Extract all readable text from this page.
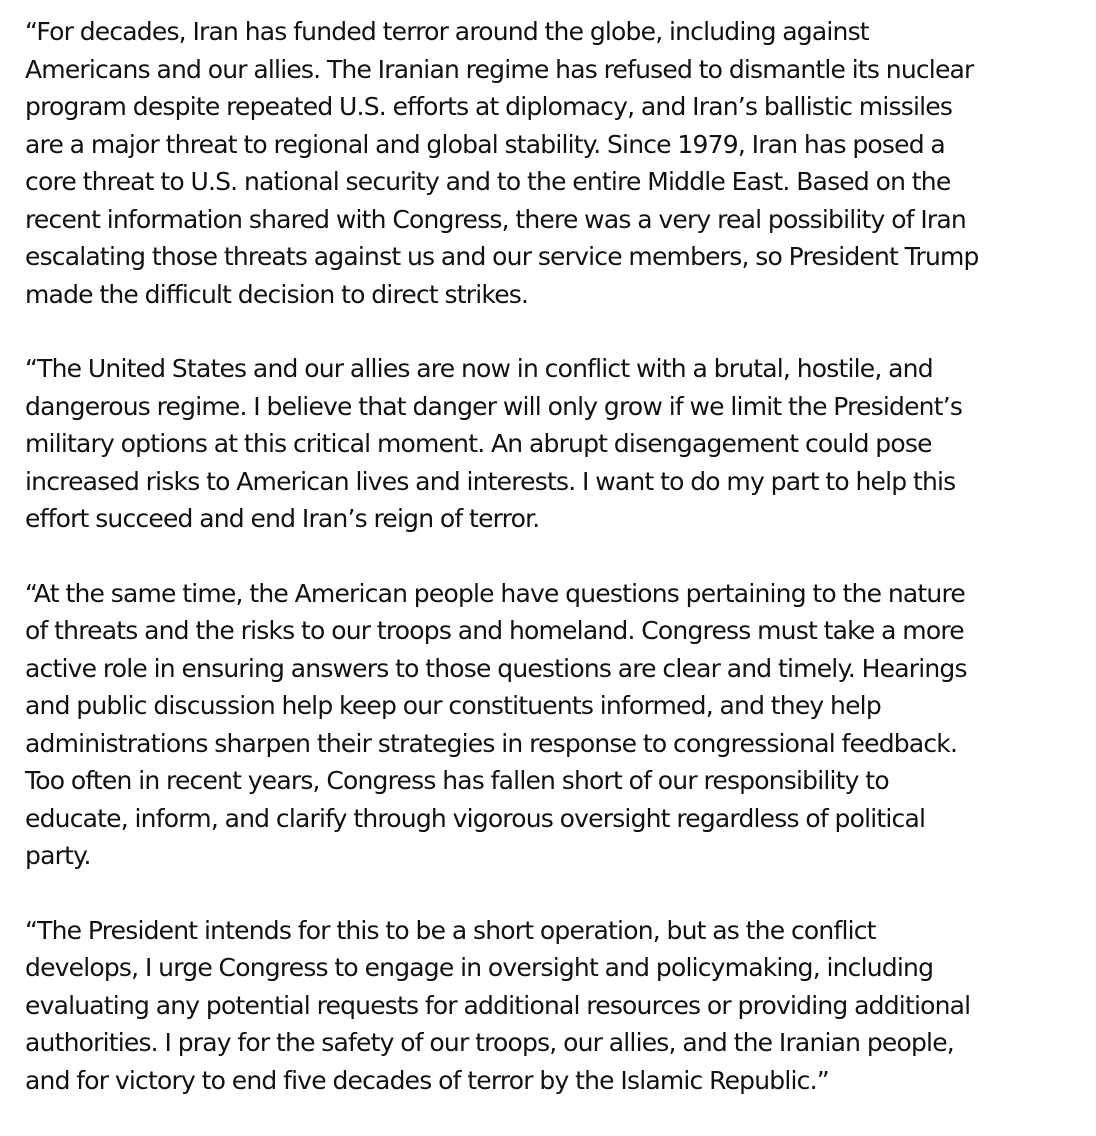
“For decades, Iran has funded terror around the globe, including against
Americans and our allies. The Iranian regime has refused to dismantle its nuclear
program despite repeated U.S. efforts at diplomacy, and Iran’s ballistic missiles
are a major threat to regional and global stability. Since 1979, Iran has posed a
core threat to U.S. national security and to the entire Middle East. Based on the
recent information shared with Congress, there was a very real possibility of Iran
escalating those threats against us and our service members, so President Trump
made the difficult decision to direct strikes.

“The United States and our allies are now in conflict with a brutal, hostile, and
dangerous regime. I believe that danger will only grow if we limit the President’s
military options at this critical moment. An abrupt disengagement could pose
increased risks to American lives and interests. I want to do my part to help this
effort succeed and end Iran’s reign of terror.

“At the same time, the American people have questions pertaining to the nature
of threats and the risks to our troops and homeland. Congress must take a more
active role in ensuring answers to those questions are clear and timely. Hearings
and public discussion help keep our constituents informed, and they help
administrations sharpen their strategies in response to congressional feedback.
Too often in recent years, Congress has fallen short of our responsibility to
educate, inform, and clarify through vigorous oversight regardless of political
party.

“The President intends for this to be a short operation, but as the conflict
develops, I urge Congress to engage in oversight and policymaking, including
evaluating any potential requests for additional resources or providing additional
authorities. I pray for the safety of our troops, our allies, and the Iranian people,
and for victory to end five decades of terror by the Islamic Republic.”
